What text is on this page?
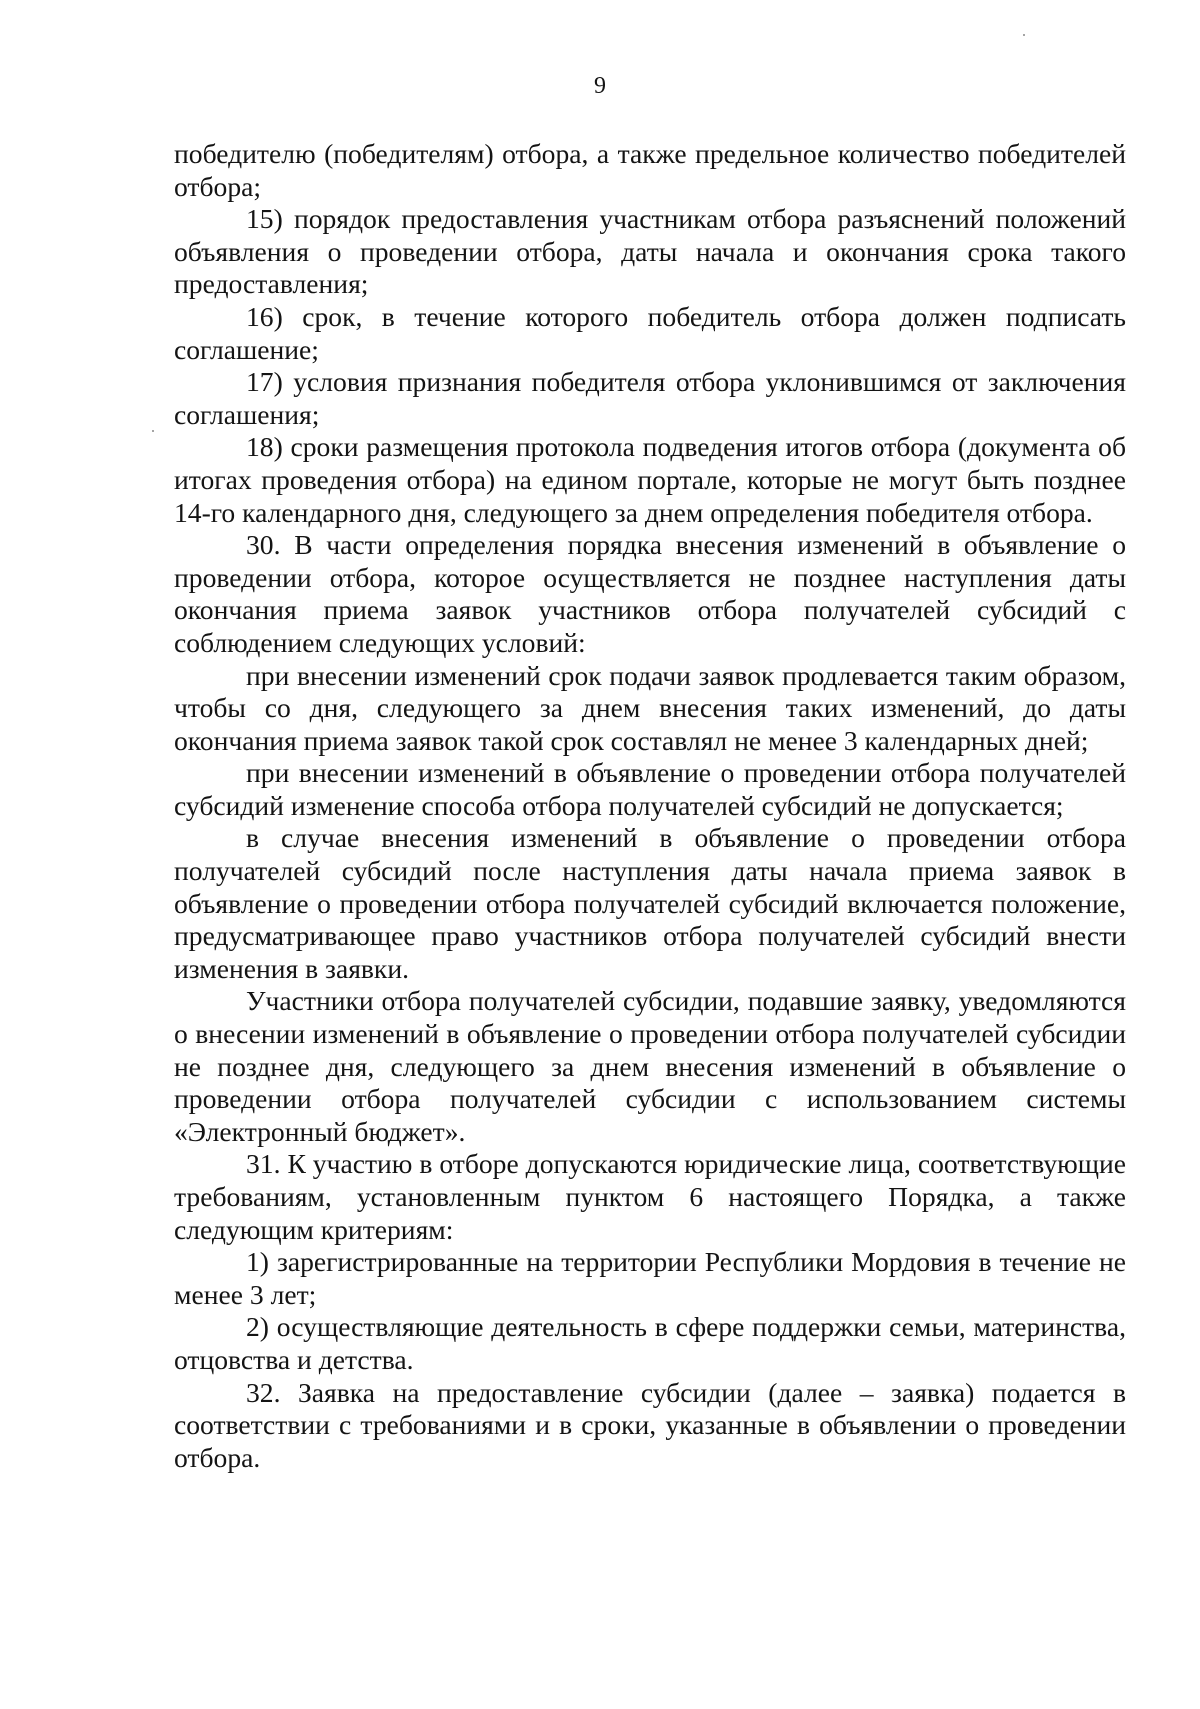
9

победителю (победителям) отбора, а также предельное количество победителей отбора;

15) порядок предоставления участникам отбора разъяснений положений объявления о проведении отбора, даты начала и окончания срока такого предоставления;

16) срок, в течение которого победитель отбора должен подписать соглашение;

17) условия признания победителя отбора уклонившимся от заключения соглашения;

18) сроки размещения протокола подведения итогов отбора (документа об итогах проведения отбора) на едином портале, которые не могут быть позднее 14-го календарного дня, следующего за днем определения победителя отбора.

30. В части определения порядка внесения изменений в объявление о проведении отбора, которое осуществляется не позднее наступления даты окончания приема заявок участников отбора получателей субсидий с соблюдением следующих условий:

при внесении изменений срок подачи заявок продлевается таким образом, чтобы со дня, следующего за днем внесения таких изменений, до даты окончания приема заявок такой срок составлял не менее 3 календарных дней;

при внесении изменений в объявление о проведении отбора получателей субсидий изменение способа отбора получателей субсидий не допускается;

в случае внесения изменений в объявление о проведении отбора получателей субсидий после наступления даты начала приема заявок в объявление о проведении отбора получателей субсидий включается положение, предусматривающее право участников отбора получателей субсидий внести изменения в заявки.

Участники отбора получателей субсидии, подавшие заявку, уведомляются о внесении изменений в объявление о проведении отбора получателей субсидии не позднее дня, следующего за днем внесения изменений в объявление о проведении отбора получателей субсидии с использованием системы «Электронный бюджет».

31. К участию в отборе допускаются юридические лица, соответствующие требованиям, установленным пунктом 6 настоящего Порядка, а также следующим критериям:

1) зарегистрированные на территории Республики Мордовия в течение не менее 3 лет;

2) осуществляющие деятельность в сфере поддержки семьи, материнства, отцовства и детства.

32. Заявка на предоставление субсидии (далее – заявка) подается в соответствии с требованиями и в сроки, указанные в объявлении о проведении отбора.
